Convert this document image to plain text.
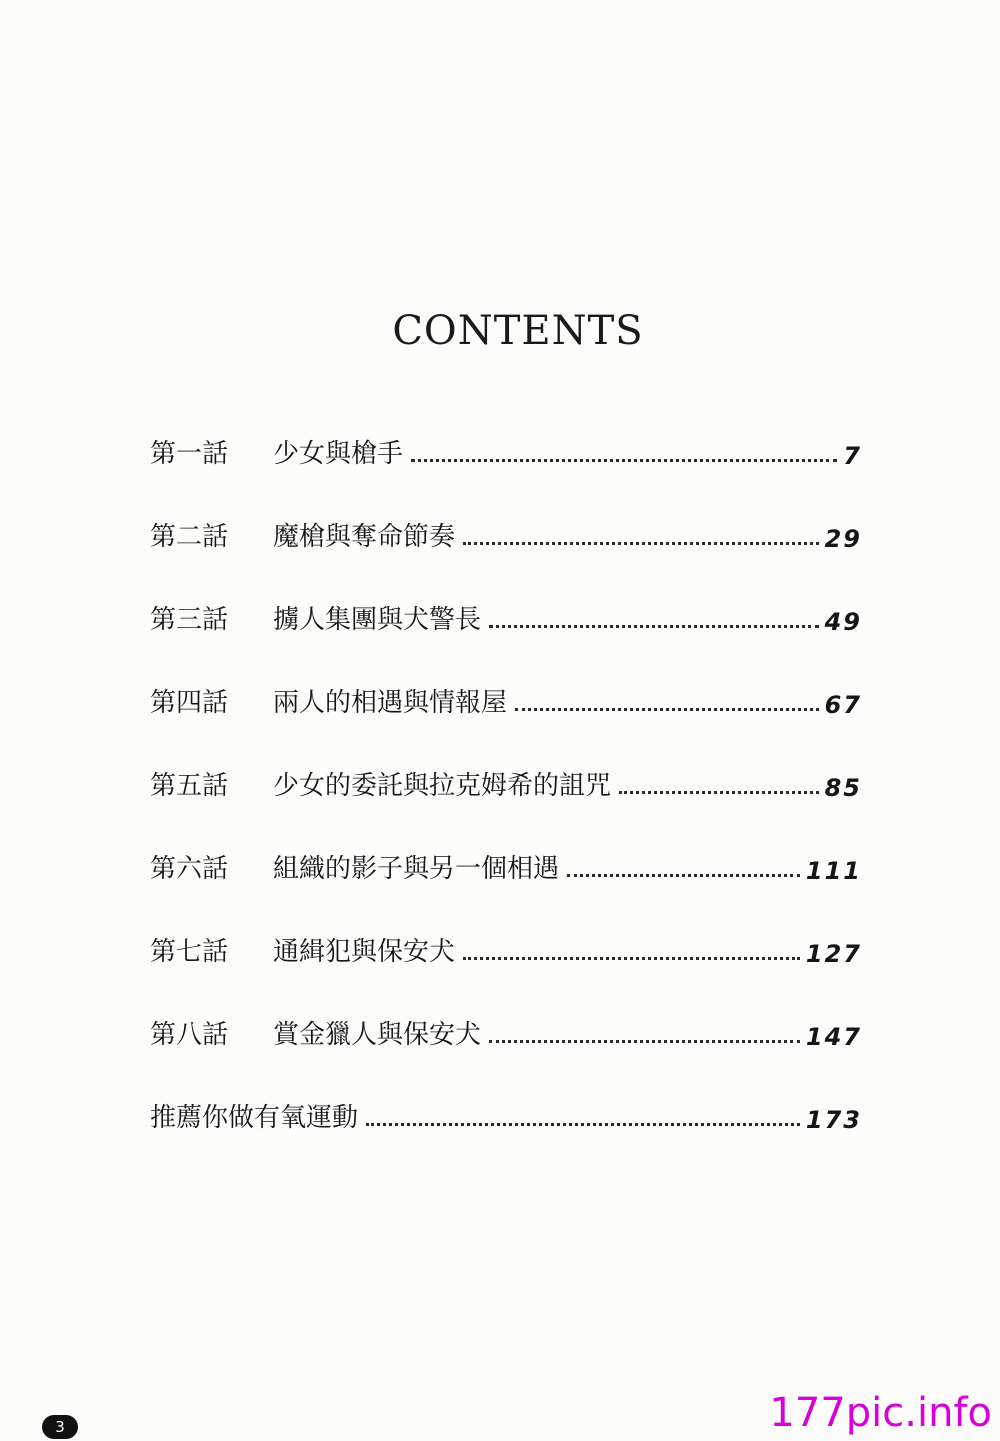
CONTENTS
第一話	少女與槍手	7
第二話	魔槍與奪命節奏	29
第三話	擄人集團與犬警長	49
第四話	兩人的相遇與情報屋	67
第五話	少女的委託與拉克姆希的詛咒	85
第六話	組織的影子與另一個相遇	111
第七話	通緝犯與保安犬	127
第八話	賞金獵人與保安犬	147
推薦你做有氧運動	173
3	177pic.info
